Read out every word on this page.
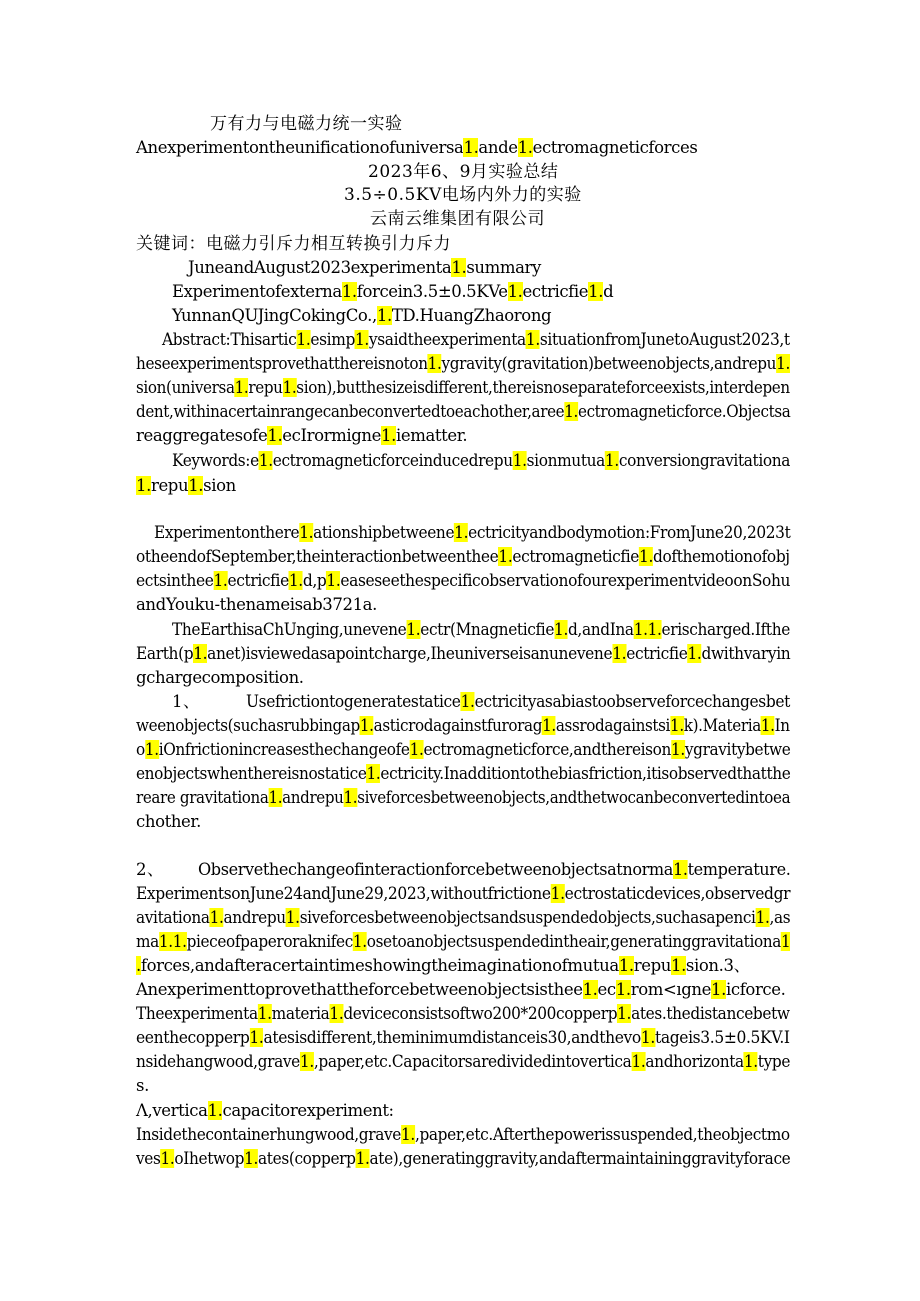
万有力与电磁力统一实验
Anexperimentontheunificationofuniversa1.ande1.ectromagneticforces
2023年6、9月实验总结
3.5÷0.5KV电场内外力的实验
云南云维集团有限公司
关键词：电磁力引斥力相互转换引力斥力
JuneandAugust2023experimenta1.summary
Experimentofexterna1.forcein3.5±0.5KVe1.ectricfie1.d
YunnanQUJingCokingCo.,1.TD.HuangZhaorong
Abstract:Thisartic1.esimp1.ysaidtheexperimenta1.situationfromJunetoAugust2023,t
heseexperimentsprovethatthereisnoton1.ygravity(gravitation)betweenobjects,andrepu1.
sion(universa1.repu1.sion),butthesizeisdifferent,thereisnoseparateforceexists,interdepen
dent,withinacertainrangecanbeconvertedtoeachother,aree1.ectromagneticforce.Objectsa
reaggregatesofe1.ecIrormigne1.iematter.
Keywords:e1.ectromagneticforceinducedrepu1.sionmutua1.conversiongravitationa
1.repu1.sion
Experimentonthere1.ationshipbetweene1.ectricityandbodymotion:FromJune20,2023t
otheendofSeptember,theinteractionbetweenthee1.ectromagneticfie1.dofthemotionofobj
ectsinthee1.ectricfie1.d,p1.easeseethespecificobservationofourexperimentvideoonSohu
andYouku-thenameisab3721a.
TheEarthisaChUnging,unevene1.ectr(Mnagneticfie1.d,andIna1.1.erischarged.Ifthe
Earth(p1.anet)isviewedasapointcharge,Iheuniverseisanunevene1.ectricfie1.dwithvaryin
gchargecomposition.
1、	Usefrictiontogeneratestatice1.ectricityasabiastoobserveforcechangesbet
weenobjects(suchasrubbingap1.asticrodagainstfurorag1.assrodagainstsi1.k).Materia1.In
o1.iOnfrictionincreasesthechangeofe1.ectromagneticforce,andthereison1.ygravitybetwe
enobjectswhenthereisnostatice1.ectricity.Inadditiontothebiasfriction,itisobservedthatthe
reare gravitationa1.andrepu1.siveforcesbetweenobjects,andthetwocanbeconvertedintoea
chother.
2、 Observethechangeofinteractionforcebetweenobjectsatnorma1.temperature.
ExperimentsonJune24andJune29,2023,withoutfrictione1.ectrostaticdevices,observedgr
avitationa1.andrepu1.siveforcesbetweenobjectsandsuspendedobjects,suchasapenci1.,as
ma1.1.pieceofpaperoraknifec1.osetoanobjectsuspendedintheair,generatinggravitationa1
.forces,andafteracertaintimeshowingtheimaginationofmutua1.repu1.sion.3、
Anexperimenttoprovethattheforcebetweenobjectsisthee1.ec1.rom<ıgne1.icforce.
Theexperimenta1.materia1.deviceconsistsoftwo200*200copperp1.ates.thedistancebetw
eenthecopperp1.atesisdifferent,theminimumdistanceis30,andthevo1.tageis3.5±0.5KV.I
nsidehangwood,grave1.,paper,etc.Capacitorsaredividedintovertica1.andhorizonta1.type
s.
Λ,vertica1.capacitorexperiment:
Insidethecontainerhungwood,grave1.,paper,etc.Afterthepowerissuspended,theobjectmo
ves1.oIhetwop1.ates(copperp1.ate),generatinggravity,andaftermaintaininggravityforace
